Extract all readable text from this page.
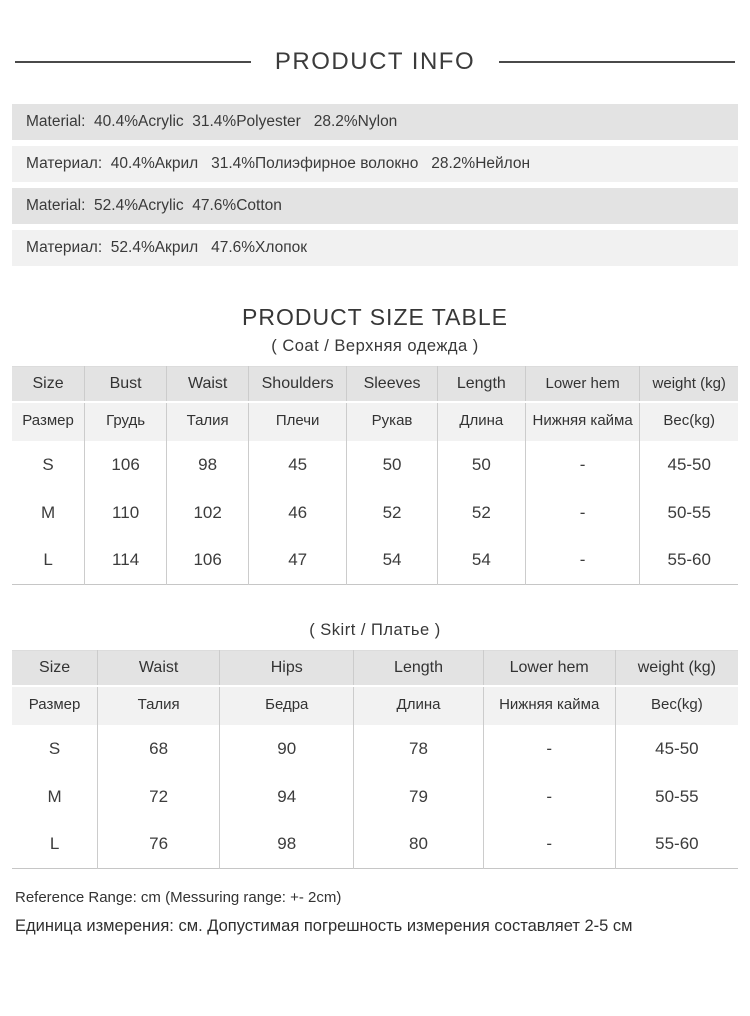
PRODUCT INFO
Material:  40.4%Acrylic  31.4%Polyester   28.2%Nylon
Материал:  40.4%Акрил   31.4%Полиэфирное волокно   28.2%Нейлон
Material:  52.4%Acrylic  47.6%Cotton
Материал:  52.4%Акрил   47.6%Хлопок
PRODUCT SIZE TABLE
( Coat / Верхняя одежда )
Size	Bust	Waist	Shoulders	Sleeves	Length	Lower hem	weight (kg)
Размер	Грудь	Талия	Плечи	Рукав	Длина	Нижняя кайма	Вес(kg)
S	106	98	45	50	50	-	45-50
M	110	102	46	52	52	-	50-55
L	114	106	47	54	54	-	55-60
( Skirt / Платье )
Size	Waist	Hips	Length	Lower hem	weight (kg)
Размер	Талия	Бедра	Длина	Нижняя кайма	Вес(kg)
S	68	90	78	-	45-50
M	72	94	79	-	50-55
L	76	98	80	-	55-60

Reference Range: cm (Messuring range: +- 2cm)

Единица измерения: см. Допустимая погрешность измерения составляет 2-5 см
